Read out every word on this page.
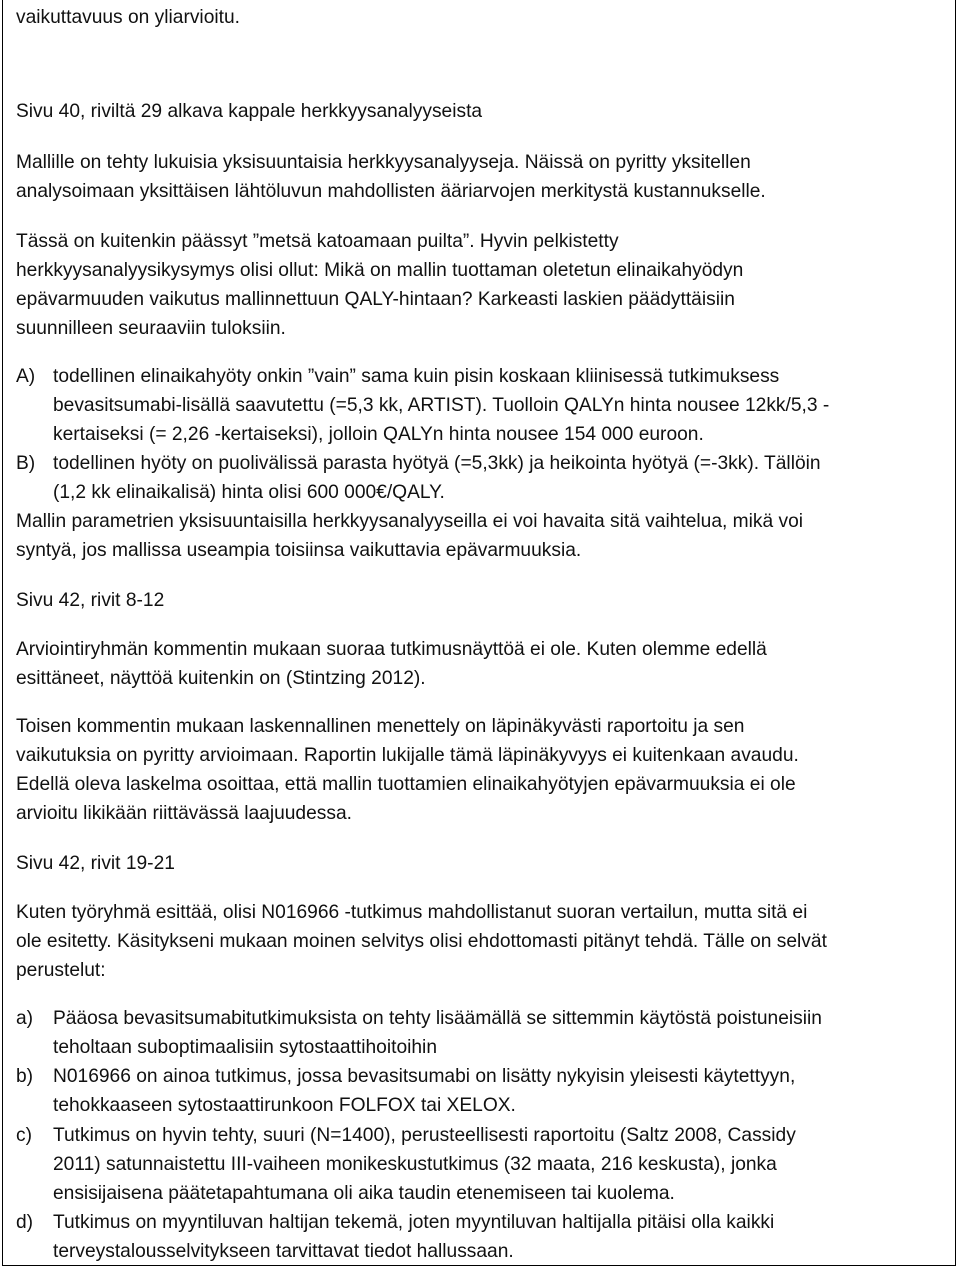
vaikuttavuus on yliarvioitu.

Sivu 40, riviltä 29 alkava kappale herkkyysanalyyseista

Mallille on tehty lukuisia yksisuuntaisia herkkyysanalyyseja. Näissä on pyritty yksitellen

analysoimaan yksittäisen lähtöluvun mahdollisten ääriarvojen merkitystä kustannukselle.

Tässä on kuitenkin päässyt ”metsä katoamaan puilta”. Hyvin pelkistetty

herkkyysanalyysikysymys olisi ollut: Mikä on mallin tuottaman oletetun elinaikahyödyn

epävarmuuden vaikutus mallinnettuun QALY-hintaan? Karkeasti laskien päädyttäisiin

suunnilleen seuraaviin tuloksiin.

A) todellinen elinaikahyöty onkin ”vain” sama kuin pisin koskaan kliinisessä tutkimuksess
bevasitsumabi-lisällä saavutettu (=5,3 kk, ARTIST). Tuolloin QALYn hinta nousee 12kk/5,3 -
kertaiseksi (= 2,26 -kertaiseksi), jolloin QALYn hinta nousee 154 000 euroon.
B) todellinen hyöty on puolivälissä parasta hyötyä (=5,3kk) ja heikointa hyötyä (=-3kk). Tällöin
(1,2 kk elinaikalisä) hinta olisi 600 000€/QALY.

Mallin parametrien yksisuuntaisilla herkkyysanalyyseilla ei voi havaita sitä vaihtelua, mikä voi

syntyä, jos mallissa useampia toisiinsa vaikuttavia epävarmuuksia.

Sivu 42, rivit 8-12

Arviointiryhmän kommentin mukaan suoraa tutkimusnäyttöä ei ole. Kuten olemme edellä

esittäneet, näyttöä kuitenkin on (Stintzing 2012).

Toisen kommentin mukaan laskennallinen menettely on läpinäkyvästi raportoitu ja sen

vaikutuksia on pyritty arvioimaan. Raportin lukijalle tämä läpinäkyvyys ei kuitenkaan avaudu.

Edellä oleva laskelma osoittaa, että mallin tuottamien elinaikahyötyjen epävarmuuksia ei ole

arvioitu likikään riittävässä laajuudessa.

Sivu 42, rivit 19-21

Kuten työryhmä esittää, olisi N016966 -tutkimus mahdollistanut suoran vertailun, mutta sitä ei

ole esitetty. Käsitykseni mukaan moinen selvitys olisi ehdottomasti pitänyt tehdä. Tälle on selvät

perustelut:

a) Pääosa bevasitsumabitutkimuksista on tehty lisäämällä se sittemmin käytöstä poistuneisiin
teholtaan suboptimaalisiin sytostaattihoitoihin
b) N016966 on ainoa tutkimus, jossa bevasitsumabi on lisätty nykyisin yleisesti käytettyyn,
tehokkaaseen sytostaattirunkoon FOLFOX tai XELOX.
c) Tutkimus on hyvin tehty, suuri (N=1400), perusteellisesti raportoitu (Saltz 2008, Cassidy
2011) satunnaistettu III-vaiheen monikeskustutkimus (32 maata, 216 keskusta), jonka
ensisijaisena päätetapahtumana oli aika taudin etenemiseen tai kuolema.
d) Tutkimus on myyntiluvan haltijan tekemä, joten myyntiluvan haltijalla pitäisi olla kaikki
terveystalousselvitykseen tarvittavat tiedot hallussaan.
